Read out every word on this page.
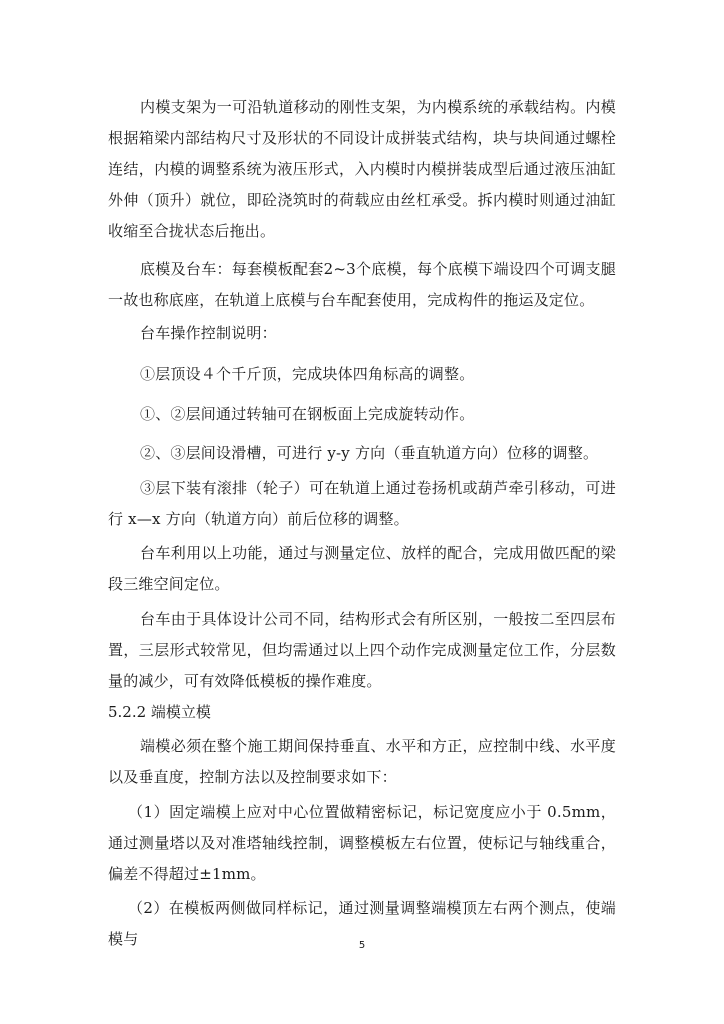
内模支架为一可沿轨道移动的刚性支架，为内模系统的承载结构。内模根据箱梁内部结构尺寸及形状的不同设计成拼装式结构，块与块间通过螺栓连结，内模的调整系统为液压形式，入内模时内模拼装成型后通过液压油缸外伸（顶升）就位，即砼浇筑时的荷载应由丝杠承受。拆内模时则通过油缸收缩至合拢状态后拖出。

底模及台车：每套模板配套2~3个底模，每个底模下端设四个可调支腿一故也称底座，在轨道上底模与台车配套使用，完成构件的拖运及定位。

台车操作控制说明：

①层顶设４个千斤顶，完成块体四角标高的调整。

①、②层间通过转轴可在钢板面上完成旋转动作。

②、③层间设滑槽，可进行 y-y 方向（垂直轨道方向）位移的调整。

③层下装有滚排（轮子）可在轨道上通过卷扬机或葫芦牵引移动，可进行 x—x 方向（轨道方向）前后位移的调整。

台车利用以上功能，通过与测量定位、放样的配合，完成用做匹配的梁段三维空间定位。

台车由于具体设计公司不同，结构形式会有所区别，一般按二至四层布置，三层形式较常见，但均需通过以上四个动作完成测量定位工作，分层数量的减少，可有效降低模板的操作难度。

5.2.2 端模立模

端模必须在整个施工期间保持垂直、水平和方正，应控制中线、水平度以及垂直度，控制方法以及控制要求如下：

（1）固定端模上应对中心位置做精密标记，标记宽度应小于 0.5mm，通过测量塔以及对准塔轴线控制，调整模板左右位置，使标记与轴线重合，偏差不得超过±1mm。

（2）在模板两侧做同样标记，通过测量调整端模顶左右两个测点，使端模与	5
